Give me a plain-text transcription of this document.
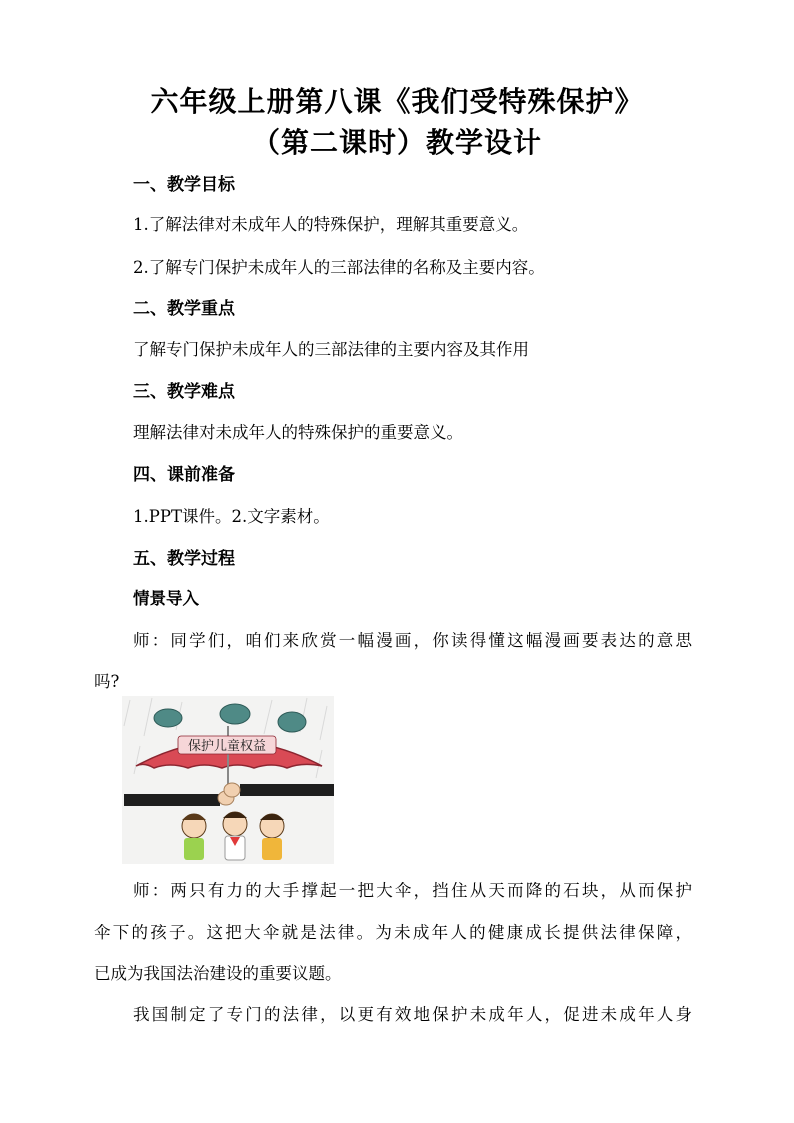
六年级上册第八课《我们受特殊保护》
（第二课时）教学设计
一、教学目标
1.了解法律对未成年人的特殊保护，理解其重要意义。
2.了解专门保护未成年人的三部法律的名称及主要内容。
二、教学重点
了解专门保护未成年人的三部法律的主要内容及其作用
三、教学难点
理解法律对未成年人的特殊保护的重要意义。
四、课前准备
1.PPT课件。2.文字素材。
五、教学过程
情景导入
师：同学们，咱们来欣赏一幅漫画，你读得懂这幅漫画要表达的意思
吗?
保护儿童权益
师：两只有力的大手撑起一把大伞，挡住从天而降的石块，从而保护
伞下的孩子。这把大伞就是法律。为未成年人的健康成长提供法律保障，
已成为我国法治建设的重要议题。
我国制定了专门的法律，以更有效地保护未成年人，促进未成年人身
